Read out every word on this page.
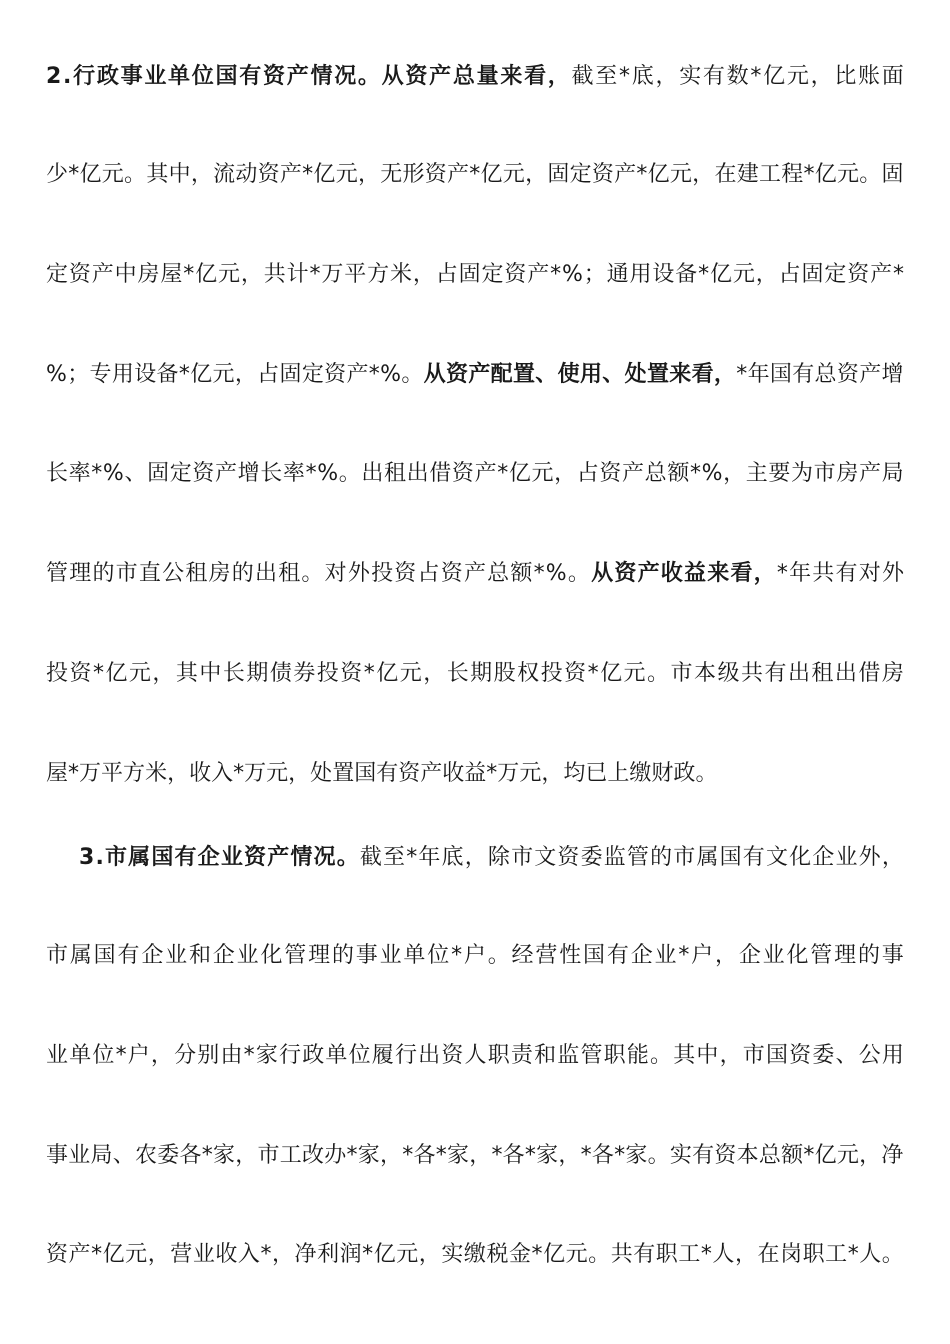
2 . 行 政 事 业 单 位 国 有 资 产 情 况 。 从 资 产 总 量 来 看 ， 截 至 * 底 ， 实 有 数 * 亿 元 ， 比 账 面
少 * 亿 元 。 其 中 ， 流 动 资 产 * 亿 元 ， 无 形 资 产 * 亿 元 ， 固 定 资 产 * 亿 元 ， 在 建 工 程 * 亿 元 。 固
定 资 产 中 房 屋 * 亿 元 ， 共 计 * 万 平 方 米 ， 占 固 定 资 产 * % ； 通 用 设 备 * 亿 元 ， 占 固 定 资 产 *
% ； 专 用 设 备 * 亿 元 ， 占 固 定 资 产 * % 。 从 资 产 配 置 、 使 用 、 处 置 来 看 ， * 年 国 有 总 资 产 增
长 率 * % 、 固 定 资 产 增 长 率 * % 。 出 租 出 借 资 产 * 亿 元 ， 占 资 产 总 额 * % ， 主 要 为 市 房 产 局
管 理 的 市 直 公 租 房 的 出 租 。 对 外 投 资 占 资 产 总 额 * % 。 从 资 产 收 益 来 看 ， * 年 共 有 对 外
投 资 * 亿 元 ， 其 中 长 期 债 券 投 资 * 亿 元 ， 长 期 股 权 投 资 * 亿 元 。 市 本 级 共 有 出 租 出 借 房
屋 * 万 平 方 米 ， 收 入 * 万 元 ， 处 置 国 有 资 产 收 益 * 万 元 ， 均 已 上 缴 财 政 。
3 . 市 属 国 有 企 业 资 产 情 况 。 截 至 * 年 底 ， 除 市 文 资 委 监 管 的 市 属 国 有 文 化 企 业 外 ，
市 属 国 有 企 业 和 企 业 化 管 理 的 事 业 单 位 * 户 。 经 营 性 国 有 企 业 * 户 ， 企 业 化 管 理 的 事
业 单 位 * 户 ， 分 别 由 * 家 行 政 单 位 履 行 出 资 人 职 责 和 监 管 职 能 。 其 中 ， 市 国 资 委 、 公 用
事 业 局 、 农 委 各 * 家 ， 市 工 改 办 * 家 ， * 各 * 家 ， * 各 * 家 ， * 各 * 家 。 实 有 资 本 总 额 * 亿 元 ， 净
资 产 * 亿 元 ， 营 业 收 入 * ， 净 利 润 * 亿 元 ， 实 缴 税 金 * 亿 元 。 共 有 职 工 * 人 ， 在 岗 职 工 * 人 。
